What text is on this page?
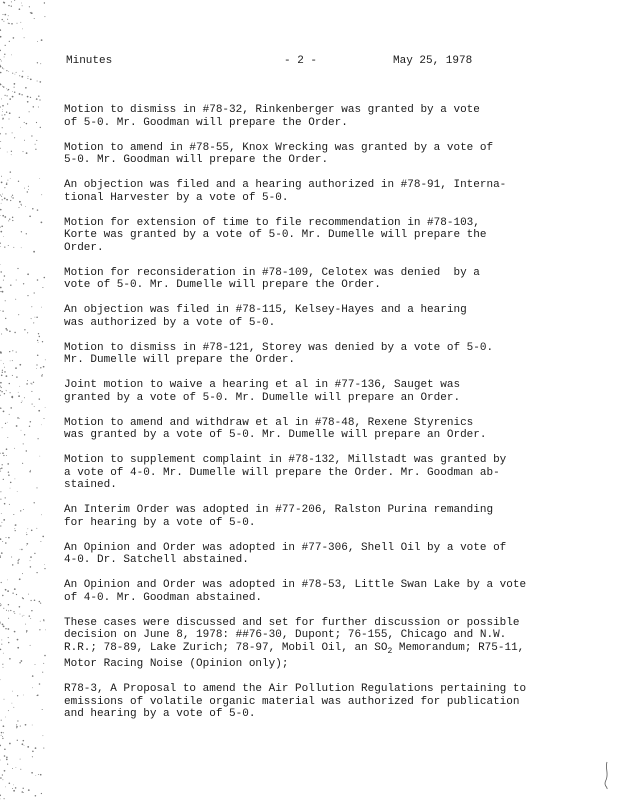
Minutes	- 2 -	May 25, 1978
Motion to dismiss in #78-32, Rinkenberger was granted by a vote
of 5-0. Mr. Goodman will prepare the Order.
Motion to amend in #78-55, Knox Wrecking was granted by a vote of
5-0. Mr. Goodman will prepare the Order.
An objection was filed and a hearing authorized in #78-91, Interna-
tional Harvester by a vote of 5-0.
Motion for extension of time to file recommendation in #78-103,
Korte was granted by a vote of 5-0. Mr. Dumelle will prepare the
Order.
Motion for reconsideration in #78-109, Celotex was denied  by a
vote of 5-0. Mr. Dumelle will prepare the Order.
An objection was filed in #78-115, Kelsey-Hayes and a hearing
was authorized by a vote of 5-0.
Motion to dismiss in #78-121, Storey was denied by a vote of 5-0.
Mr. Dumelle will prepare the Order.
Joint motion to waive a hearing et al in #77-136, Sauget was
granted by a vote of 5-0. Mr. Dumelle will prepare an Order.
Motion to amend and withdraw et al in #78-48, Rexene Styrenics
was granted by a vote of 5-0. Mr. Dumelle will prepare an Order.
Motion to supplement complaint in #78-132, Millstadt was granted by
a vote of 4-0. Mr. Dumelle will prepare the Order. Mr. Goodman ab-
stained.
An Interim Order was adopted in #77-206, Ralston Purina remanding
for hearing by a vote of 5-0.
An Opinion and Order was adopted in #77-306, Shell Oil by a vote of
4-0. Dr. Satchell abstained.
An Opinion and Order was adopted in #78-53, Little Swan Lake by a vote
of 4-0. Mr. Goodman abstained.
These cases were discussed and set for further discussion or possible
decision on June 8, 1978: ##76-30, Dupont; 76-155, Chicago and N.W.
R.R.; 78-89, Lake Zurich; 78-97, Mobil Oil, an $SO_2$ Memorandum; R75-11,
Motor Racing Noise (Opinion only);
R78-3, A Proposal to amend the Air Pollution Regulations pertaining to
emissions of volatile organic material was authorized for publication
and hearing by a vote of 5-0.
